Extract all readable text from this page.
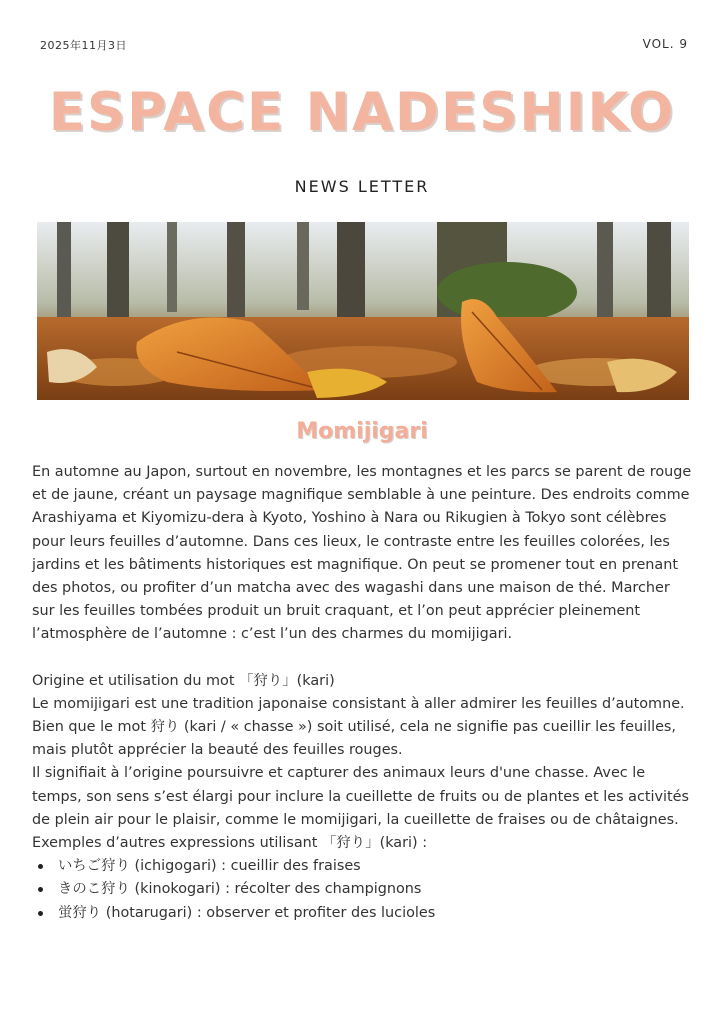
2025年11月3日	VOL. 9
ESPACE NADESHIKO
NEWS LETTER
Momijigari

En automne au Japon, surtout en novembre, les montagnes et les parcs se parent de rouge et de jaune, créant un paysage magnifique semblable à une peinture. Des endroits comme Arashiyama et Kiyomizu-dera à Kyoto, Yoshino à Nara ou Rikugien à Tokyo sont célèbres pour leurs feuilles d’automne. Dans ces lieux, le contraste entre les feuilles colorées, les jardins et les bâtiments historiques est magnifique. On peut se promener tout en prenant des photos, ou profiter d’un matcha avec des wagashi dans une maison de thé. Marcher sur les feuilles tombées produit un bruit craquant, et l’on peut apprécier pleinement l’atmosphère de l’automne : c’est l’un des charmes du momijigari.

Origine et utilisation du mot 「狩り」(kari)

Le momijigari est une tradition japonaise consistant à aller admirer les feuilles d’automne. Bien que le mot 狩り (kari / « chasse ») soit utilisé, cela ne signifie pas cueillir les feuilles, mais plutôt apprécier la beauté des feuilles rouges.

Il signifiait à l’origine poursuivre et capturer des animaux leurs d'une chasse. Avec le temps, son sens s’est élargi pour inclure la cueillette de fruits ou de plantes et les activités de plein air pour le plaisir, comme le momijigari, la cueillette de fraises ou de châtaignes.

Exemples d’autres expressions utilisant 「狩り」(kari) :

いちご狩り (ichigogari) : cueillir des fraises
きのこ狩り (kinokogari) : récolter des champignons
蛍狩り (hotarugari) : observer et profiter des lucioles
